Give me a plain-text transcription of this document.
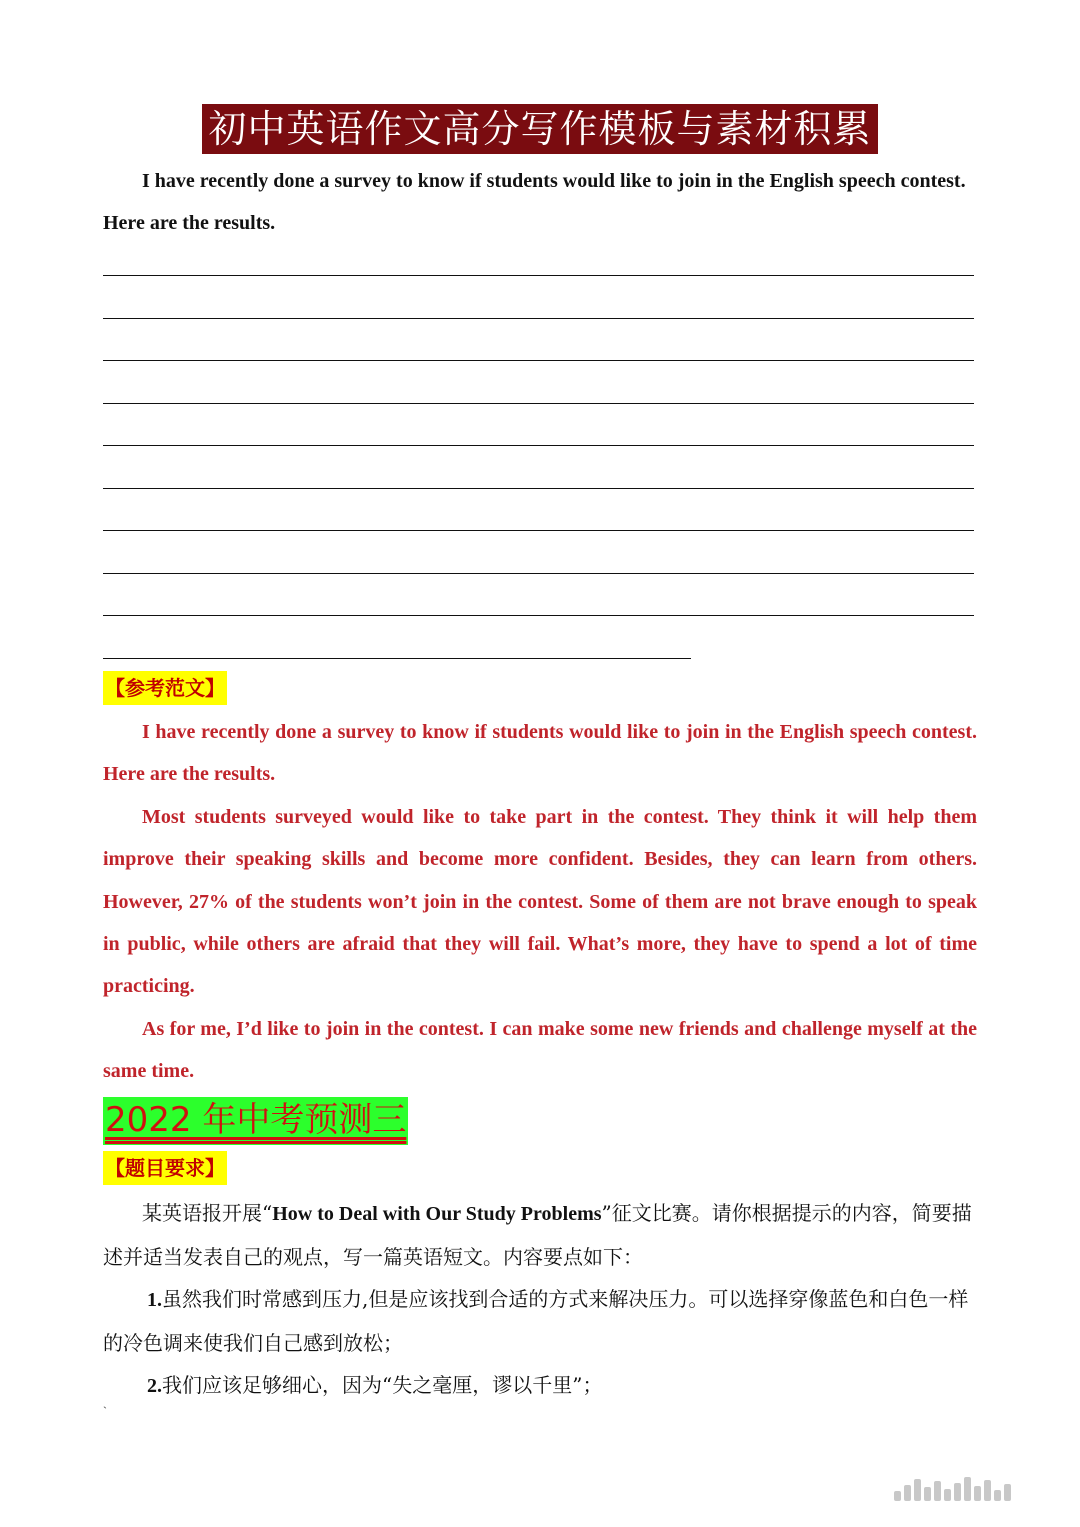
初中英语作文高分写作模板与素材积累

I have recently done a survey to know if students would like to join in the English speech contest. Here are the results.

【参考范文】

I have recently done a survey to know if students would like to join in the English speech contest. Here are the results.

Most students surveyed would like to take part in the contest. They think it will help them improve their speaking skills and become more confident. Besides, they can learn from others. However, 27% of the students won’t join in the contest. Some of them are not brave enough to speak in public, while others are afraid that they will fail. What’s more, they have to spend a lot of time practicing.

As for me, I’d like to join in the contest. I can make some new friends and challenge myself at the same time.

2022 年中考预测三
【题目要求】

某英语报开展“How to Deal with Our Study Problems”征文比赛。请你根据提示的内容，简要描述并适当发表自己的观点，写一篇英语短文。内容要点如下：

1.虽然我们时常感到压力,但是应该找到合适的方式来解决压力。可以选择穿像蓝色和白色一样的冷色调来使我们自己感到放松；

2.我们应该足够细心，因为“失之毫厘，谬以千里”；

`
